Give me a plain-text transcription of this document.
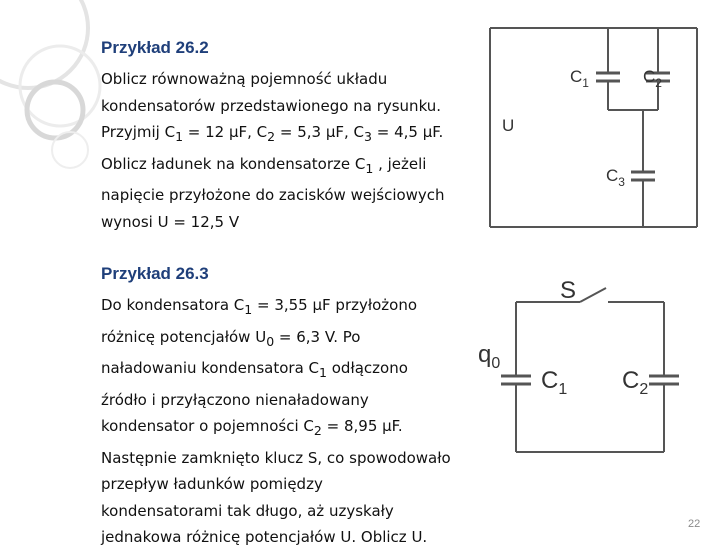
Przykład 26.2
Oblicz równoważną pojemność układu
kondensatorów przedstawionego na rysunku.
Przyjmij $C_1 = 12$ μF, $C_2 = 5,3$ μF, $C_3 = 4,5$ μF.
Oblicz ładunek na kondensatorze $C_1$ , jeżeli
napięcie przyłożone do zacisków wejściowych
wynosi U = 12,5 V
Przykład 26.3
Do kondensatora $C_1 = 3,55$ μF przyłożono
różnicę potencjałów $U_0 = 6,3$ V. Po
naładowaniu kondensatora $C_1$ odłączono
źródło i przyłączono nienaładowany
kondensator o pojemności $C_2 = 8,95$ μF.
Następnie zamknięto klucz S, co spowodowało
przepływ ładunków pomiędzy
kondensatorami tak długo, aż uzyskały
jednakowa różnicę potencjałów U. Oblicz U.
U
$C_1$	$C_2$
$C_3$
S
$q_0$
$C_1$ $C_2$
22
